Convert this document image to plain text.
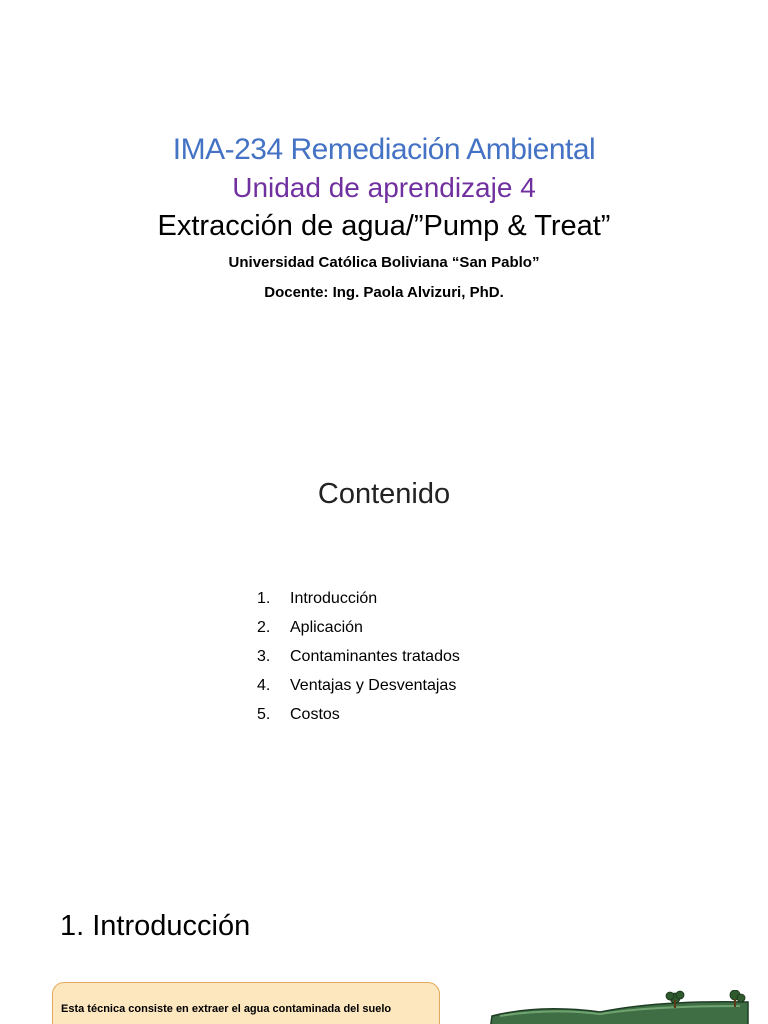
IMA-234 Remediación Ambiental
Unidad de aprendizaje 4
Extracción de agua/”Pump & Treat”
Universidad Católica Boliviana “San Pablo”
Docente: Ing. Paola Alvizuri, PhD.
Contenido
1.	Introducción
2.	Aplicación
3.	Contaminantes tratados
4.	Ventajas y Desventajas
5.	Costos
1. Introducción
Esta técnica consiste en extraer el agua contaminada del suelo
